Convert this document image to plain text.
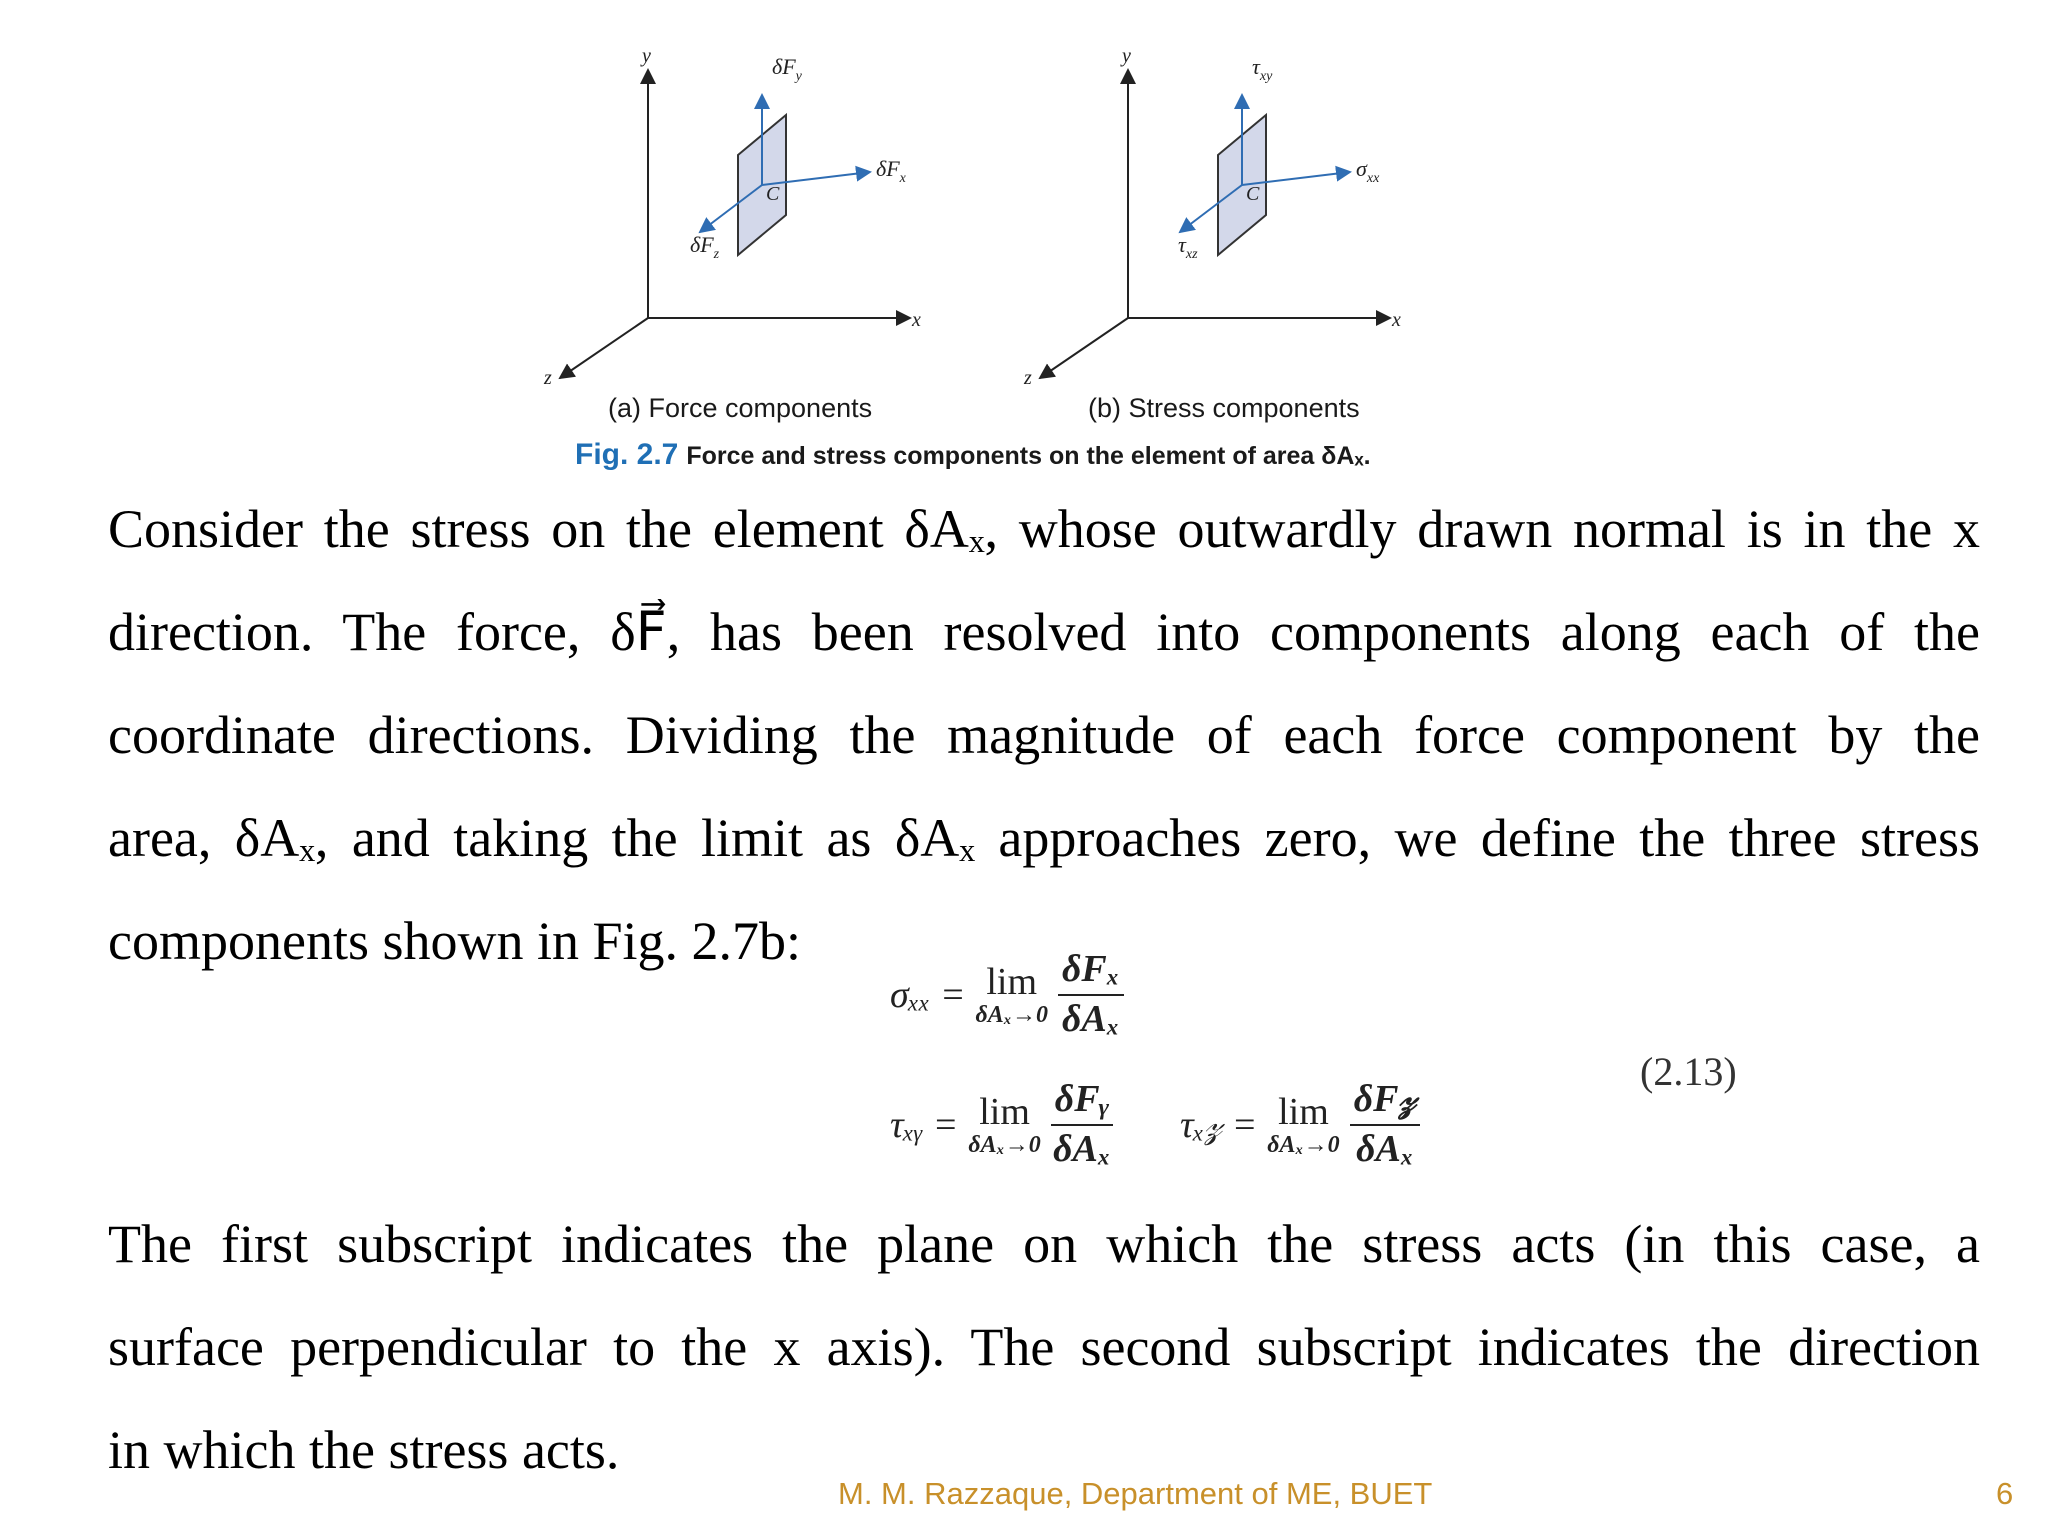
y
x
z
C
$\delta F_y$
$\delta F_x$
$\delta F_z$
y
x
z
C
$\tau_{xy}$
$\sigma_{xx}$
$\tau_{xz}$
(a) Force components	(b) Stress components
Fig. 2.7 Force and stress components on the element of area δAₓ.
Consider the stress on the element δAₓ, whose outwardly drawn normal is in the x
direction. The force, δF⃗, has been resolved into components along each of the
coordinate directions. Dividing the magnitude of each force component by the
area, δAₓ, and taking the limit as δAₓ approaches zero, we define the three stress
components shown in Fig. 2.7b:
σₓₓ = lim
$\delta A_x\to 0 \frac{\text{δFₓ}}{\text{δAₓ}}$
τₓᵧ = lim
$\delta A_x\to 0 \frac{\text{δFᵧ}}{\text{δAₓ}}$ τₓ𝓏 = lim
$\delta A_x\to 0 \frac{\text{δF𝓏}}{\text{δAₓ}}$
(2.13)
The first subscript indicates the plane on which the stress acts (in this case, a
surface perpendicular to the x axis). The second subscript indicates the direction
in which the stress acts.
M. M. Razzaque, Department of ME, BUET	6
